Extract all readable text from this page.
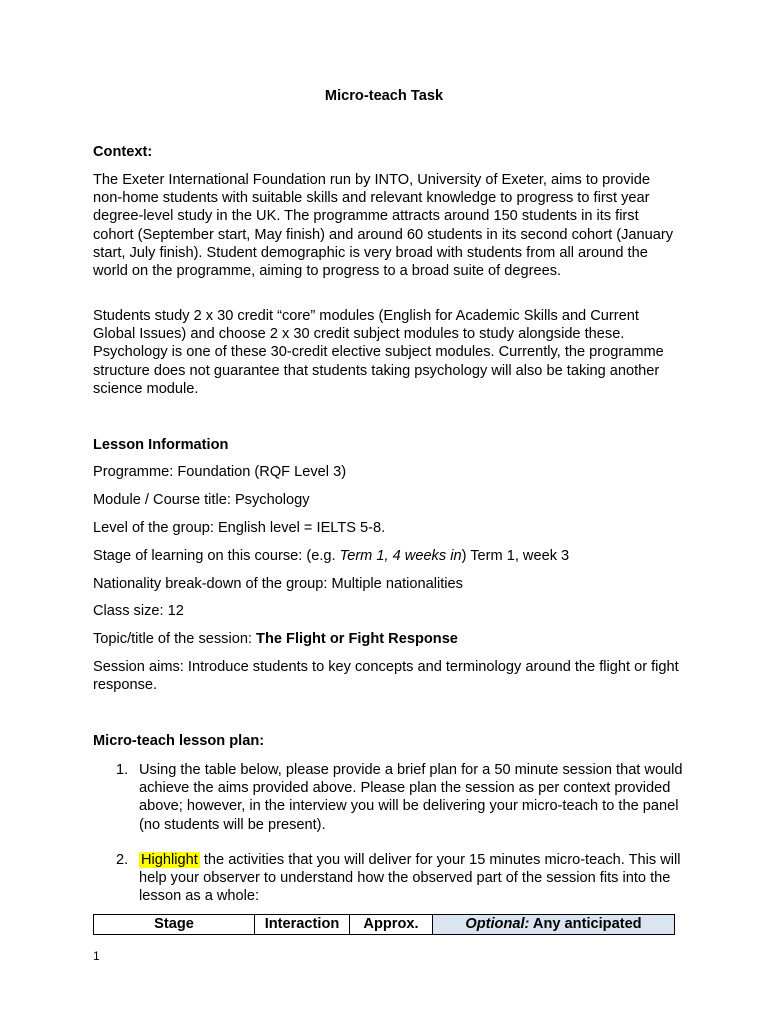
Micro-teach Task
Context:
The Exeter International Foundation run by INTO, University of Exeter, aims to provide non-home students with suitable skills and relevant knowledge to progress to first year degree-level study in the UK. The programme attracts around 150 students in its first cohort (September start, May finish) and around 60 students in its second cohort (January start, July finish). Student demographic is very broad with students from all around the world on the programme, aiming to progress to a broad suite of degrees.
Students study 2 x 30 credit “core” modules (English for Academic Skills and Current Global Issues) and choose 2 x 30 credit subject modules to study alongside these. Psychology is one of these 30-credit elective subject modules. Currently, the programme structure does not guarantee that students taking psychology will also be taking another science module.
Lesson Information
Programme: Foundation (RQF Level 3)
Module / Course title: Psychology
Level of the group: English level = IELTS 5-8.
Stage of learning on this course: (e.g. Term 1, 4 weeks in) Term 1, week 3
Nationality break-down of the group: Multiple nationalities
Class size: 12
Topic/title of the session: The Flight or Fight Response
Session aims: Introduce students to key concepts and terminology around the flight or fight response.
Micro-teach lesson plan:
1. Using the table below, please provide a brief plan for a 50 minute session that would achieve the aims provided above. Please plan the session as per context provided above; however, in the interview you will be delivering your micro-teach to the panel (no students will be present).
2. Highlight the activities that you will deliver for your 15 minutes micro-teach. This will help your observer to understand how the observed part of the session fits into the lesson as a whole:
Stage	Interaction	Approx.	Optional: Any anticipated
1
